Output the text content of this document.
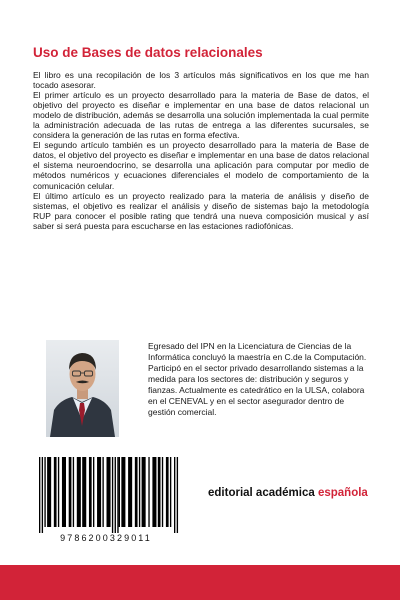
Uso de Bases de datos relacionales

El libro es una recopilación de los 3 artículos más significativos en los que me han tocado asesorar.

El primer artículo es un proyecto desarrollado para la materia de Base de datos, el objetivo del proyecto es diseñar e implementar en una base de datos relacional un modelo de distribución, además se desarrolla una solución implementada la cual permite la administración adecuada de las rutas de entrega a las diferentes sucursales, se considera la generación de las rutas en forma efectiva.

El segundo artículo también es un proyecto desarrollado para la materia de Base de datos, el objetivo del proyecto es diseñar e implementar en una base de datos relacional el sistema neuroendocrino, se desarrolla una aplicación para computar por medio de métodos numéricos y ecuaciones diferenciales el modelo de comportamiento de la comunicación celular.

El último artículo es un proyecto realizado para la materia de análisis y diseño de sistemas, el objetivo es realizar el análisis y diseño de sistemas bajo la metodología RUP para conocer el posible rating que tendrá una nueva composición musical y así saber si será puesta para escucharse en las estaciones radiofónicas.

Egresado del IPN en la Licenciatura de Ciencias de la Informática concluyó la maestría en C.de la Computación. Participó en el sector privado desarrollando sistemas a la medida para los sectores de: distribución y seguros y fianzas. Actualmente es catedrático en la ULSA, colabora en el CENEVAL y en el sector asegurador dentro de gestión comercial.
9786200329011
editorial académica española
